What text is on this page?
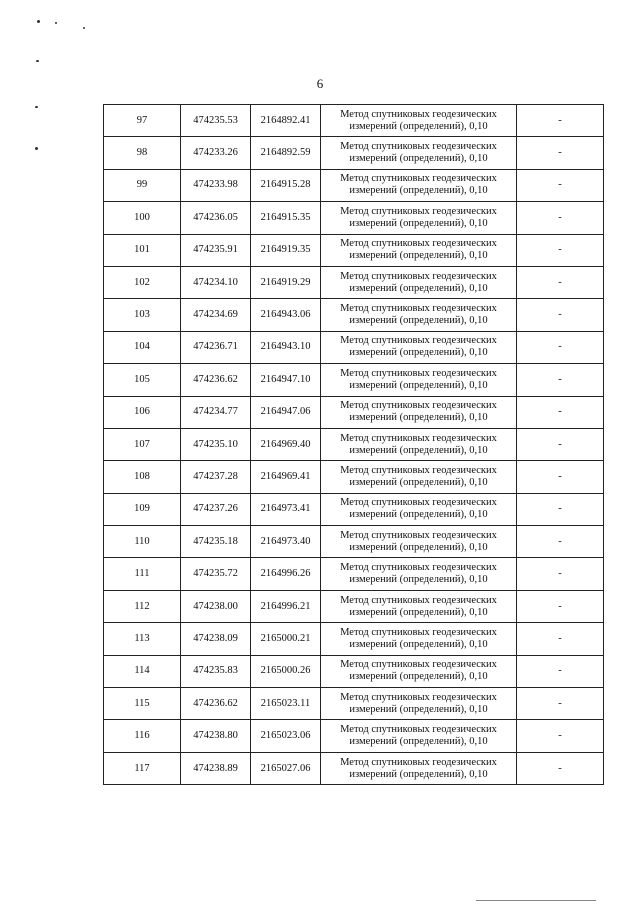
6
97	474235.53	2164892.41	Метод спутниковых геодезических измерений (определений), 0,10	-
98	474233.26	2164892.59	Метод спутниковых геодезических измерений (определений), 0,10	-
99	474233.98	2164915.28	Метод спутниковых геодезических измерений (определений), 0,10	-
100	474236.05	2164915.35	Метод спутниковых геодезических измерений (определений), 0,10	-
101	474235.91	2164919.35	Метод спутниковых геодезических измерений (определений), 0,10	-
102	474234.10	2164919.29	Метод спутниковых геодезических измерений (определений), 0,10	-
103	474234.69	2164943.06	Метод спутниковых геодезических измерений (определений), 0,10	-
104	474236.71	2164943.10	Метод спутниковых геодезических измерений (определений), 0,10	-
105	474236.62	2164947.10	Метод спутниковых геодезических измерений (определений), 0,10	-
106	474234.77	2164947.06	Метод спутниковых геодезических измерений (определений), 0,10	-
107	474235.10	2164969.40	Метод спутниковых геодезических измерений (определений), 0,10	-
108	474237.28	2164969.41	Метод спутниковых геодезических измерений (определений), 0,10	-
109	474237.26	2164973.41	Метод спутниковых геодезических измерений (определений), 0,10	-
110	474235.18	2164973.40	Метод спутниковых геодезических измерений (определений), 0,10	-
111	474235.72	2164996.26	Метод спутниковых геодезических измерений (определений), 0,10	-
112	474238.00	2164996.21	Метод спутниковых геодезических измерений (определений), 0,10	-
113	474238.09	2165000.21	Метод спутниковых геодезических измерений (определений), 0,10	-
114	474235.83	2165000.26	Метод спутниковых геодезических измерений (определений), 0,10	-
115	474236.62	2165023.11	Метод спутниковых геодезических измерений (определений), 0,10	-
116	474238.80	2165023.06	Метод спутниковых геодезических измерений (определений), 0,10	-
117	474238.89	2165027.06	Метод спутниковых геодезических измерений (определений), 0,10	-
